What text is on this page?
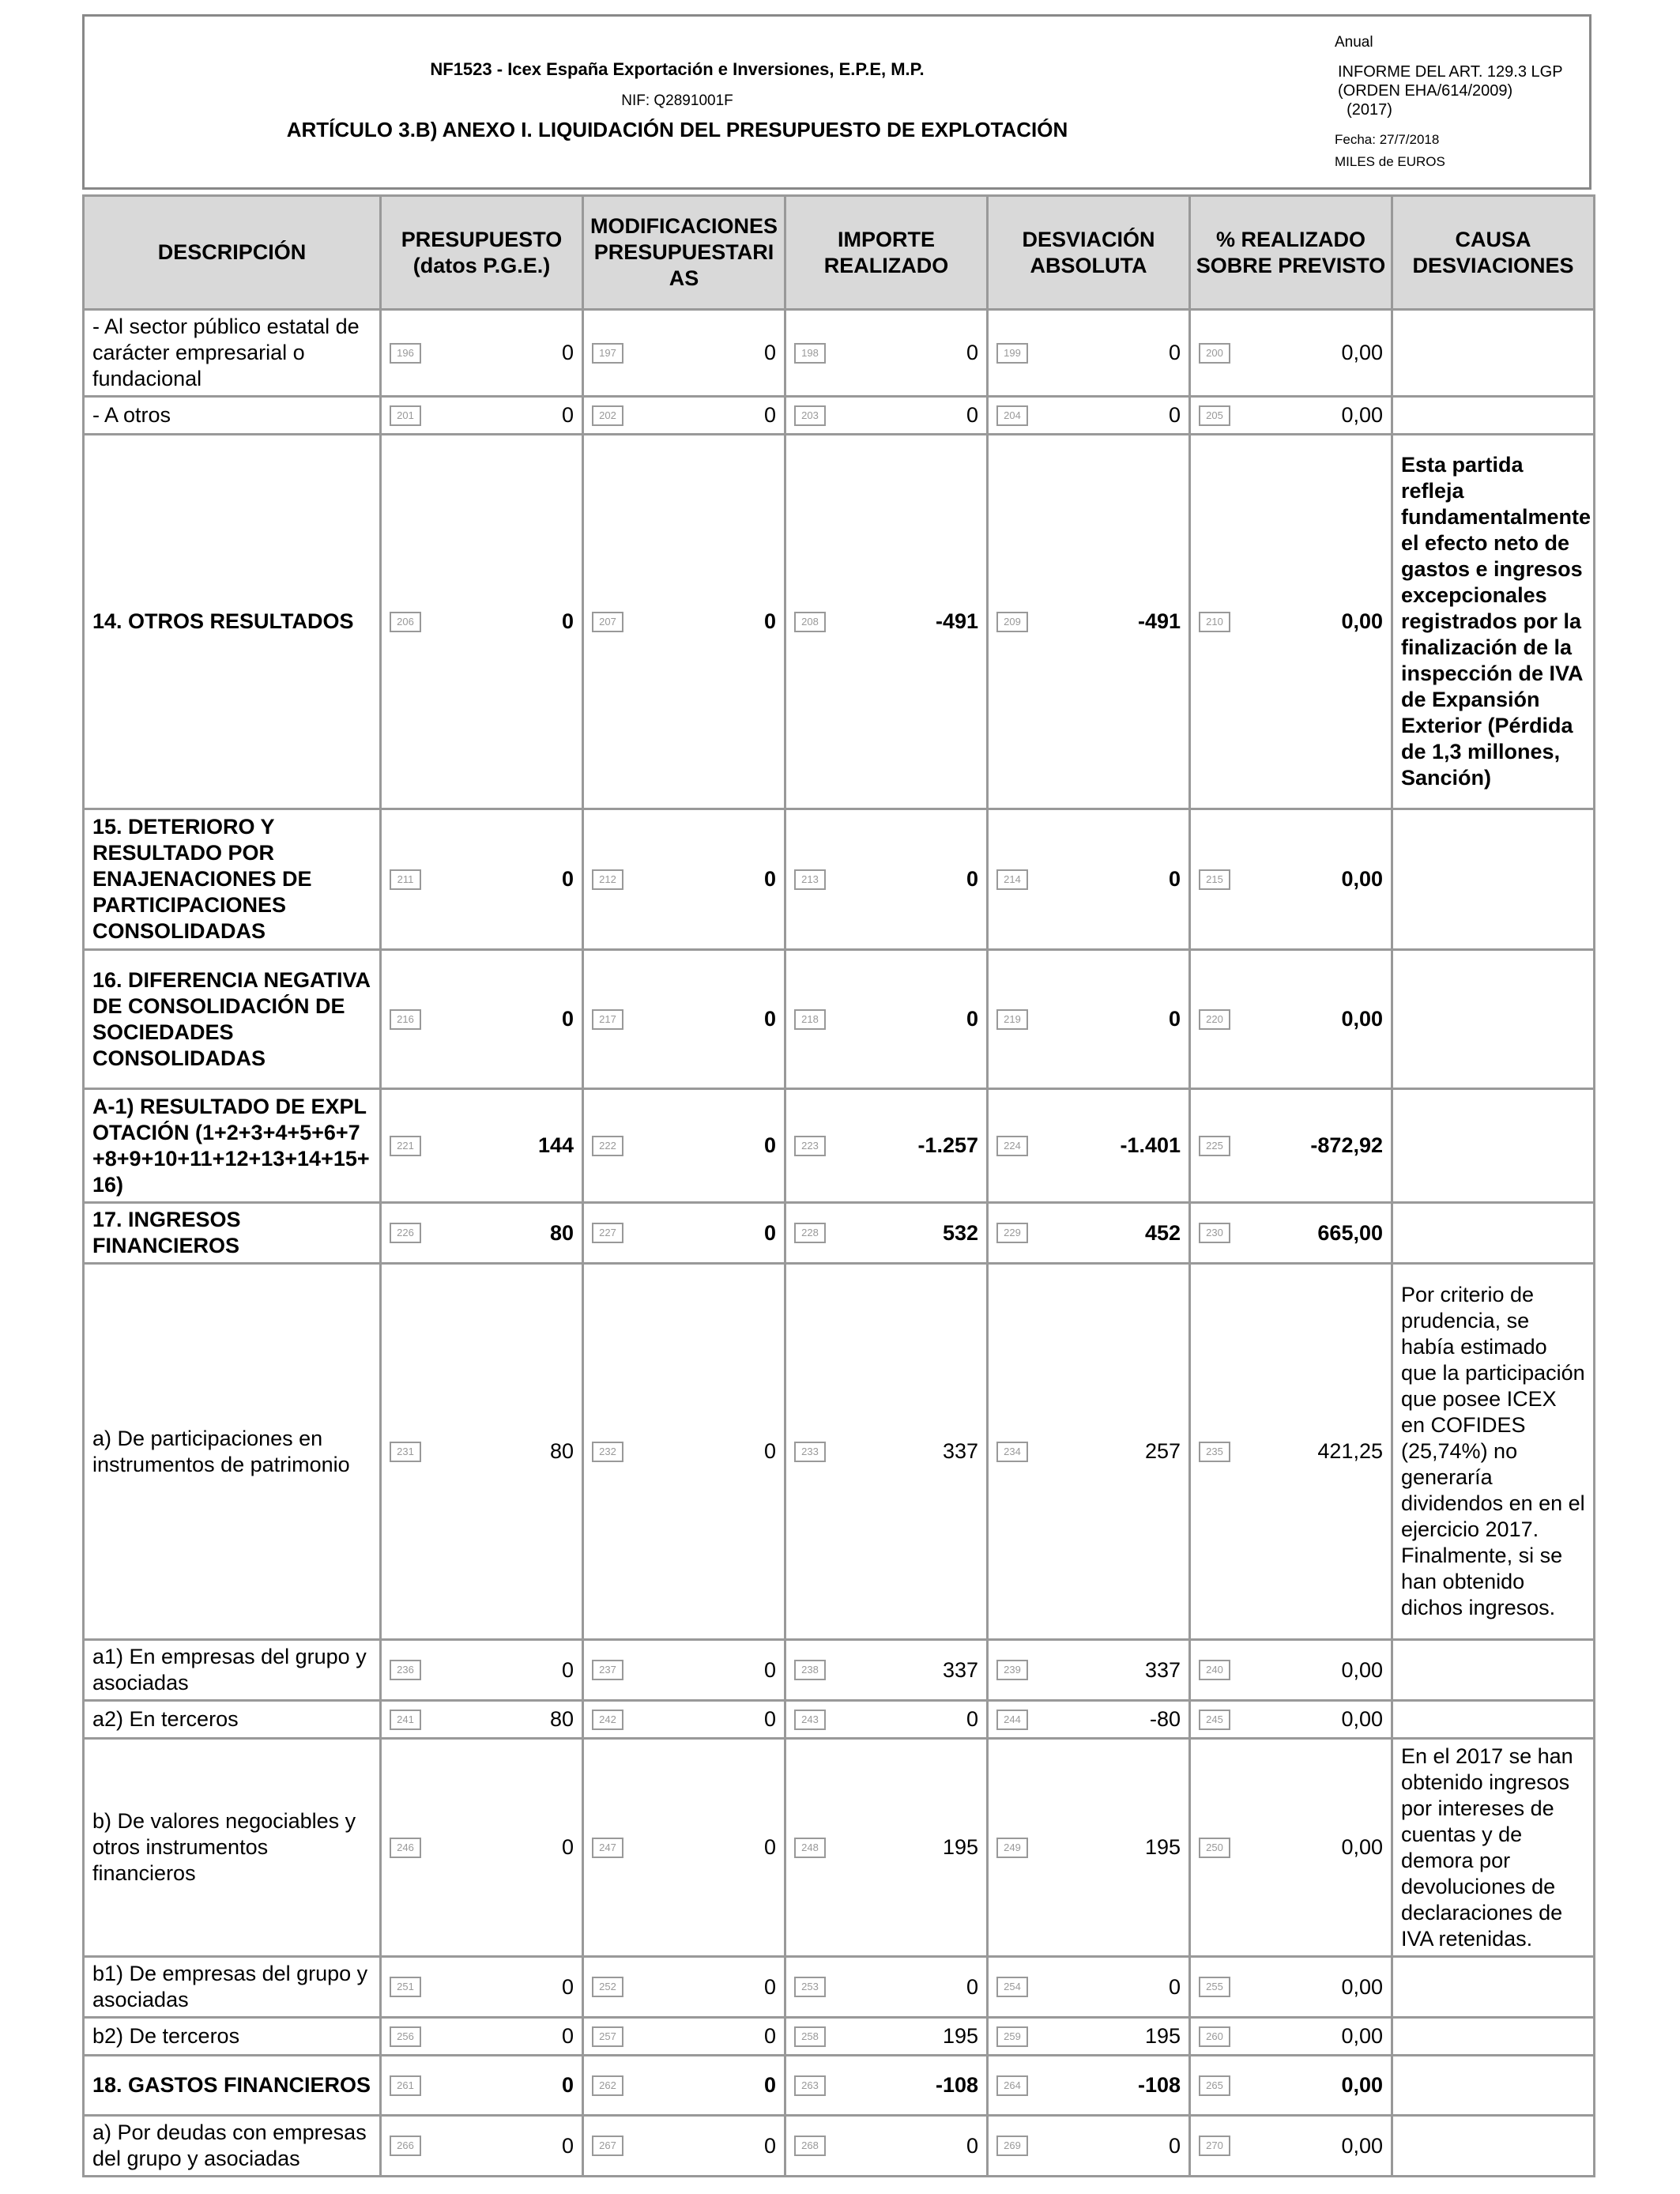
NF1523 - Icex España Exportación e Inversiones, E.P.E, M.P.
NIF: Q2891001F
ARTÍCULO 3.B) ANEXO I. LIQUIDACIÓN DEL PRESUPUESTO DE EXPLOTACIÓN
Anual
INFORME DEL ART. 129.3 LGP
(ORDEN EHA/614/2009)
(2017)
Fecha: 27/7/2018
MILES de EUROS
DESCRIPCIÓN	PRESUPUESTO (datos P.G.E.)	MODIFICACIONES PRESUPUESTARIAS	IMPORTE REALIZADO	DESVIACIÓN ABSOLUTA	% REALIZADO SOBRE PREVISTO	CAUSA DESVIACIONES
- Al sector público estatal de carácter empresarial o fundacional	196 0	197 0	198 0	199 0	200 0,00	
- A otros	201 0	202 0	203 0	204 0	205 0,00	
14. OTROS RESULTADOS	206 0	207 0	208 -491	209 -491	210 0,00	Esta partida refleja fundamentalmente el efecto neto de gastos e ingresos excepcionales registrados por la finalización de la inspección de IVA de Expansión Exterior (Pérdida de 1,3 millones, Sanción)
15. DETERIORO Y RESULTADO POR ENAJENACIONES DE PARTICIPACIONES CONSOLIDADAS	211 0	212 0	213 0	214 0	215 0,00	
16. DIFERENCIA NEGATIVA DE CONSOLIDACIÓN DE SOCIEDADES CONSOLIDADAS	216 0	217 0	218 0	219 0	220 0,00	
A-1) RESULTADO DE EXPLOTACIÓN (1+2+3+4+5+6+7+8+9+10+11+12+13+14+15+16)	221 144	222 0	223 -1.257	224 -1.401	225 -872,92	
17. INGRESOS FINANCIEROS	226 80	227 0	228 532	229 452	230 665,00	
a) De participaciones en instrumentos de patrimonio	231 80	232 0	233 337	234 257	235 421,25	Por criterio de prudencia, se había estimado que la participación que posee ICEX en COFIDES (25,74%) no generaría dividendos en en el ejercicio 2017. Finalmente, si se han obtenido dichos ingresos.
a1) En empresas del grupo y asociadas	236 0	237 0	238 337	239 337	240 0,00	
a2) En terceros	241 80	242 0	243 0	244 -80	245 0,00	
b) De valores negociables y otros instrumentos financieros	246 0	247 0	248 195	249 195	250 0,00	En el 2017 se han obtenido ingresos por intereses de cuentas y de demora por devoluciones de declaraciones de IVA retenidas.
b1) De empresas del grupo y asociadas	251 0	252 0	253 0	254 0	255 0,00	
b2) De terceros	256 0	257 0	258 195	259 195	260 0,00	
18. GASTOS FINANCIEROS	261 0	262 0	263 -108	264 -108	265 0,00	
a) Por deudas con empresas del grupo y asociadas	266 0	267 0	268 0	269 0	270 0,00	
